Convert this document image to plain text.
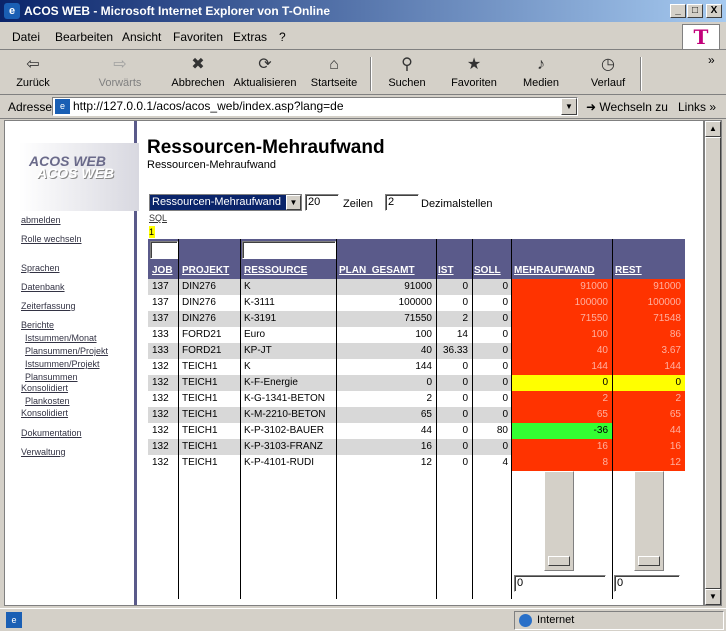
e ACOS WEB - Microsoft Internet Explorer von T-Online	_	□	X
Datei Bearbeiten Ansicht Favoriten Extras ?	T
⇦
Zurück
⇨
Vorwärts
✖
Abbrechen
⟳
Aktualisieren
⌂
Startseite
⚲
Suchen
★
Favoriten
♪
Medien
◷
Verlauf
»
Adresse e http://127.0.0.1/acos/acos_web/index.asp?lang=de	▼	➜ Wechseln zu Links »
ACOS WEB
ACOS WEB
abmelden
Rolle wechseln
Sprachen
Datenbank
Zeiterfassung
Berichte
Istsummen/Monat
Plansummen/Projekt
Istsummen/Projekt
Plansummen
Konsolidiert
Plankosten
Konsolidiert
Dokumentation
Verwaltung
Ressourcen-Mehraufwand
Ressourcen-Mehraufwand
Ressourcen-Mehraufwand	▼ 20	Zeilen 2	Dezimalstellen
SQL
1
JOB PROJEKT RESSOURCE	PLAN_GESAMT IST SOLL MEHRAUFWAND REST
137	DIN276	K	91000	0	0	91000	91000
137	DIN276	K-3111	100000	0	0	100000	100000
137	DIN276	K-3191	71550	2	0	71550	71548
133	FORD21	Euro	100	14	0	100	86
133	FORD21	KP-JT	40	36.33	0	40	3.67
132	TEICH1	K	144	0	0	144	144
132	TEICH1	K-F-Energie	0	0	0	0	0
132	TEICH1	K-G-1341-BETON	2	0	0	2	2
132	TEICH1	K-M-2210-BETON	65	0	0	65	65
132	TEICH1	K-P-3102-BAUER	44	0	80	-36	44
132	TEICH1	K-P-3103-FRANZ	16	0	0	16	16
132	TEICH1	K-P-4101-RUDI	12	0	4	8	12
0	0
▲
▼
e	Internet
